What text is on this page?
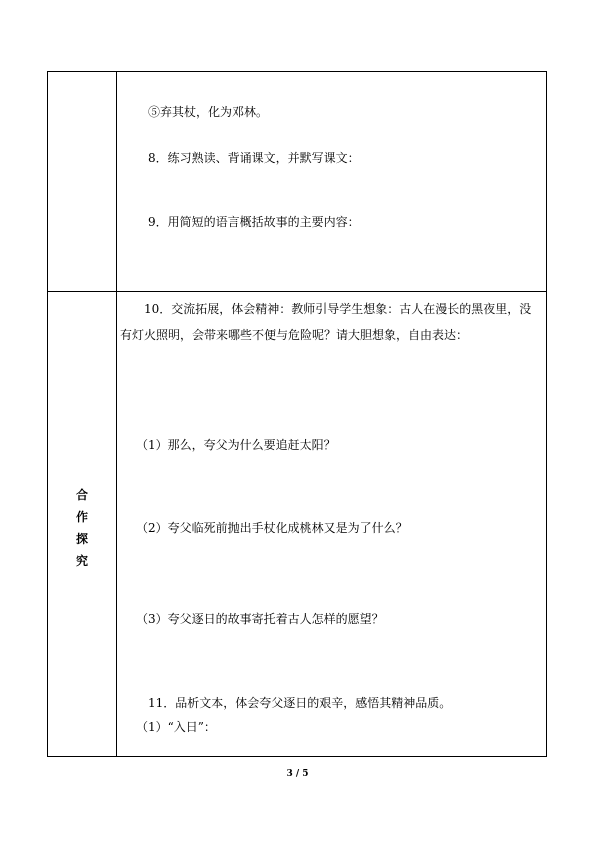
⑤弃其杖，化为邓林。
8．练习熟读、背诵课文，并默写课文：
9．用简短的语言概括故事的主要内容：
合
作
探
究
10．交流拓展，体会精神：教师引导学生想象：古人在漫长的黑夜里，没有灯火照明，会带来哪些不便与危险呢？请大胆想象，自由表达：
（1）那么，夸父为什么要追赶太阳？
（2）夸父临死前抛出手杖化成桃林又是为了什么？
（3）夸父逐日的故事寄托着古人怎样的愿望？
11．品析文本，体会夸父逐日的艰辛，感悟其精神品质。
（1）“入日”：
3 / 5
